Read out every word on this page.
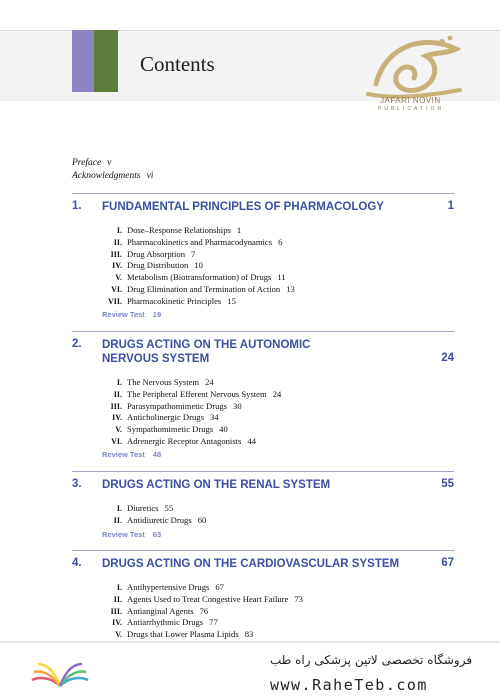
Contents
JAFARI NOVIN
PUBLICATION
Preface v
Acknowledgments vi
1. FUNDAMENTAL PRINCIPLES OF PHARMACOLOGY	1
I. Dose–Response Relationships 1
II. Pharmacokinetics and Pharmacodynamics 6
III. Drug Absorption 7
IV. Drug Distribution 10
V. Metabolism (Biotransformation) of Drugs 11
VI. Drug Elimination and Termination of Action 13
VII. Pharmacokinetic Principles 15
Review Test 19
2. DRUGS ACTING ON THE AUTONOMIC NERVOUS SYSTEM	24
I. The Nervous System 24
II. The Peripheral Efferent Nervous System 24
III. Parasympathomimetic Drugs 30
IV. Anticholinergic Drugs 34
V. Sympathomimetic Drugs 40
VI. Adrenergic Receptor Antagonists 44
Review Test 48
3. DRUGS ACTING ON THE RENAL SYSTEM	55
I. Diuretics 55
II. Antidiuretic Drugs 60
Review Test 63
4. DRUGS ACTING ON THE CARDIOVASCULAR SYSTEM	67
I. Antihypertensive Drugs 67
II. Agents Used to Treat Congestive Heart Failure 73
III. Antianginal Agents 76
IV. Antiarrhythmic Drugs 77
V. Drugs that Lower Plasma Lipids 83
فروشگاه تخصصی لاتین پزشکی راه طب
www.RaheTeb.com
